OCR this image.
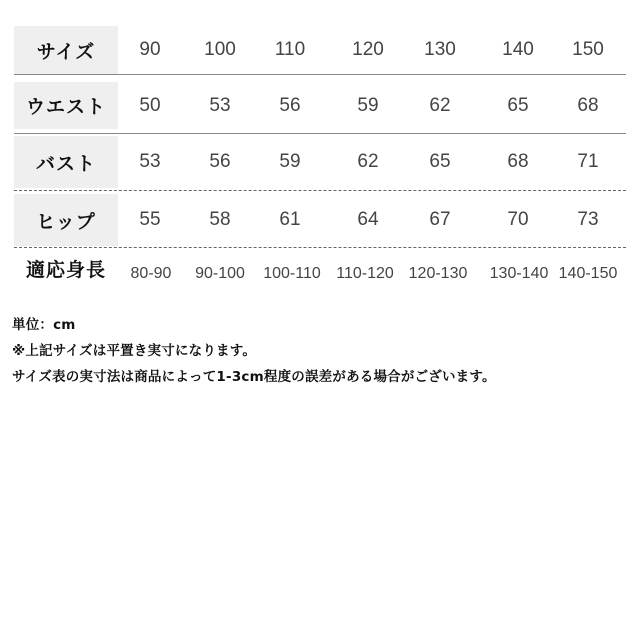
サイズ	90	100	110	120	130	140	150
ウエスト	50	53	56	59	62	65	68
バスト	53	56	59	62	65	68	71
ヒップ	55	58	61	64	67	70	73
適応身長	80-90	90-100	100-110 110-120 120-130	130-140 140-150
単位：cm
※上記サイズは平置き実寸になります。
サイズ表の実寸法は商品によって1-3cm程度の誤差がある場合がございます。
